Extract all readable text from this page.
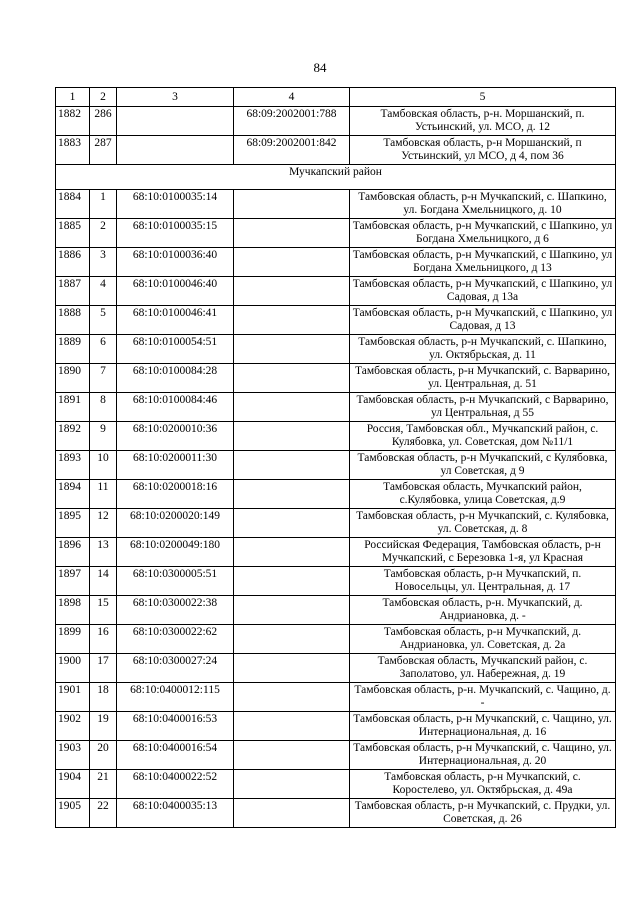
84
1	2	3	4	5
1882	286		68:09:2002001:788	Тамбовская область, р-н. Моршанский, п. Устьинский, ул. МСО, д. 12
1883	287		68:09:2002001:842	Тамбовская область, р-н Моршанский, п Устьинский, ул МСО, д 4, пом 36
Мучкапский район				
1884	1	68:10:0100035:14		Тамбовская область, р-н Мучкапский, с. Шапкино, ул. Богдана Хмельницкого, д. 10
1885	2	68:10:0100035:15		Тамбовская область, р-н Мучкапский, с Шапкино, ул Богдана Хмельницкого, д 6
1886	3	68:10:0100036:40		Тамбовская область, р-н Мучкапский, с Шапкино, ул Богдана Хмельницкого, д 13
1887	4	68:10:0100046:40		Тамбовская область, р-н Мучкапский, с Шапкино, ул Садовая, д 13а
1888	5	68:10:0100046:41		Тамбовская область, р-н Мучкапский, с Шапкино, ул Садовая, д 13
1889	6	68:10:0100054:51		Тамбовская область, р-н Мучкапский, с. Шапкино, ул. Октябрьская, д. 11
1890	7	68:10:0100084:28		Тамбовская область, р-н Мучкапский, с. Варварино, ул. Центральная, д. 51
1891	8	68:10:0100084:46		Тамбовская область, р-н Мучкапский, с Варварино, ул Центральная, д 55
1892	9	68:10:0200010:36		Россия, Тамбовская обл., Мучкапский район, с. Кулябовка, ул. Советская, дом №11/1
1893	10	68:10:0200011:30		Тамбовская область, р-н Мучкапский, с Кулябовка, ул Советская, д 9
1894	11	68:10:0200018:16		Тамбовская область, Мучкапский район, с.Кулябовка, улица Советская, д.9
1895	12	68:10:0200020:149		Тамбовская область, р-н Мучкапский, с. Кулябовка, ул. Советская, д. 8
1896	13	68:10:0200049:180		Российская Федерация, Тамбовская область, р-н Мучкапский, с Березовка 1-я, ул Красная
1897	14	68:10:0300005:51		Тамбовская область, р-н Мучкапский, п. Новосельцы, ул. Центральная, д. 17
1898	15	68:10:0300022:38		Тамбовская область, р-н. Мучкапский, д. Андриановка, д. -
1899	16	68:10:0300022:62		Тамбовская область, р-н Мучкапский, д. Андриановка, ул. Советская, д. 2а
1900	17	68:10:0300027:24		Тамбовская область, Мучкапский район, с. Заполатово, ул. Набережная, д. 19
1901	18	68:10:0400012:115		Тамбовская область, р-н. Мучкапский, с. Чащино, д. -
1902	19	68:10:0400016:53		Тамбовская область, р-н Мучкапский, с. Чащино, ул. Интернациональная, д. 16
1903	20	68:10:0400016:54		Тамбовская область, р-н Мучкапский, с. Чащино, ул. Интернациональная, д. 20
1904	21	68:10:0400022:52		Тамбовская область, р-н Мучкапский, с. Коростелево, ул. Октябрьская, д. 49а
1905	22	68:10:0400035:13		Тамбовская область, р-н Мучкапский, с. Прудки, ул. Советская, д. 26
